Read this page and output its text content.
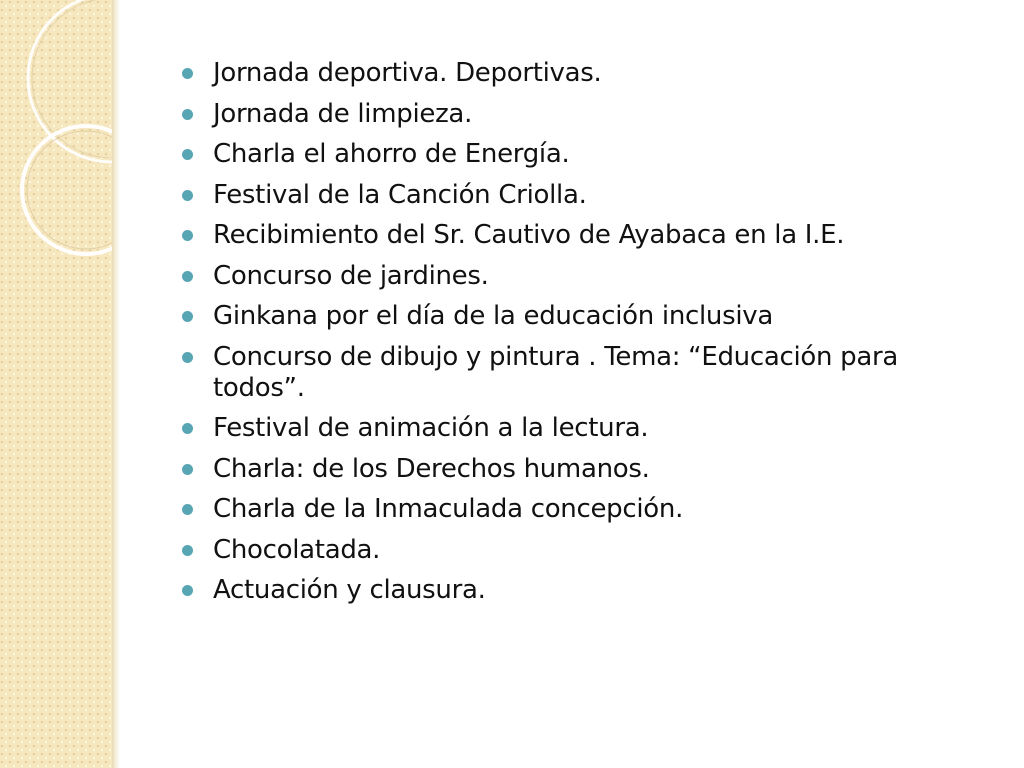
Jornada deportiva. Deportivas.
Jornada de limpieza.
Charla el ahorro de Energía.
Festival de la Canción Criolla.
Recibimiento del Sr. Cautivo de Ayabaca en la I.E.
Concurso de jardines.
Ginkana por el día de la educación inclusiva
Concurso de dibujo y pintura . Tema: “Educación para todos”.
Festival de animación a la lectura.
Charla: de los Derechos humanos.
Charla de la Inmaculada concepción.
Chocolatada.
Actuación y clausura.
